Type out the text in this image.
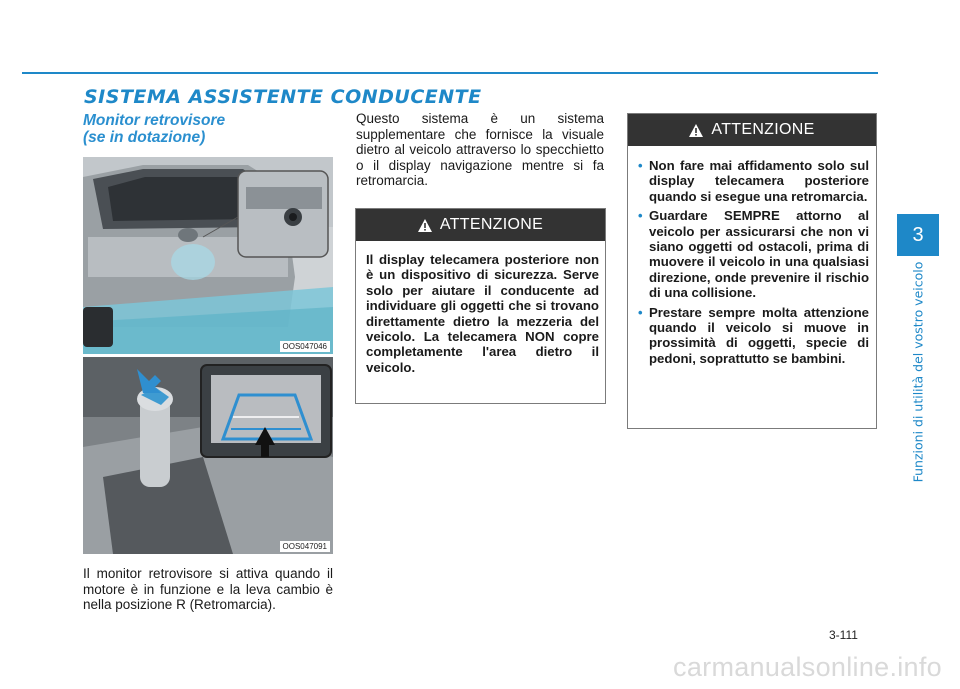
SISTEMA ASSISTENTE CONDUCENTE
Monitor retrovisore
(se in dotazione)
OOS047046
OOS047091

Il monitor retrovisore si attiva quando il motore è in funzione e la leva cambio è nella posizione R (Retromarcia).

Questo sistema è un sistema supplementare che fornisce la visuale dietro al veicolo attraverso lo specchietto o il display navigazione mentre si fa retromarcia.

ATTENZIONE
Il display telecamera posteriore non è un dispositivo di sicurezza. Serve solo per aiutare il conducente ad individuare gli oggetti che si trovano direttamente dietro la mezzeria del veicolo. La telecamera NON copre completamente l'area dietro il veicolo.
ATTENZIONE
• Non fare mai affidamento solo sul display telecamera posteriore quando si esegue una retromarcia.
• Guardare SEMPRE attorno al veicolo per assicurarsi che non vi siano oggetti od ostacoli, prima di muovere il veicolo in una qualsiasi direzione, onde prevenire il rischio di una collisione.
• Prestare sempre molta attenzione quando il veicolo si muove in prossimità di oggetti, specie di pedoni, soprattutto se bambini.
3
Funzioni di utilità del vostro veicolo
3-111
carmanualsonline.info
